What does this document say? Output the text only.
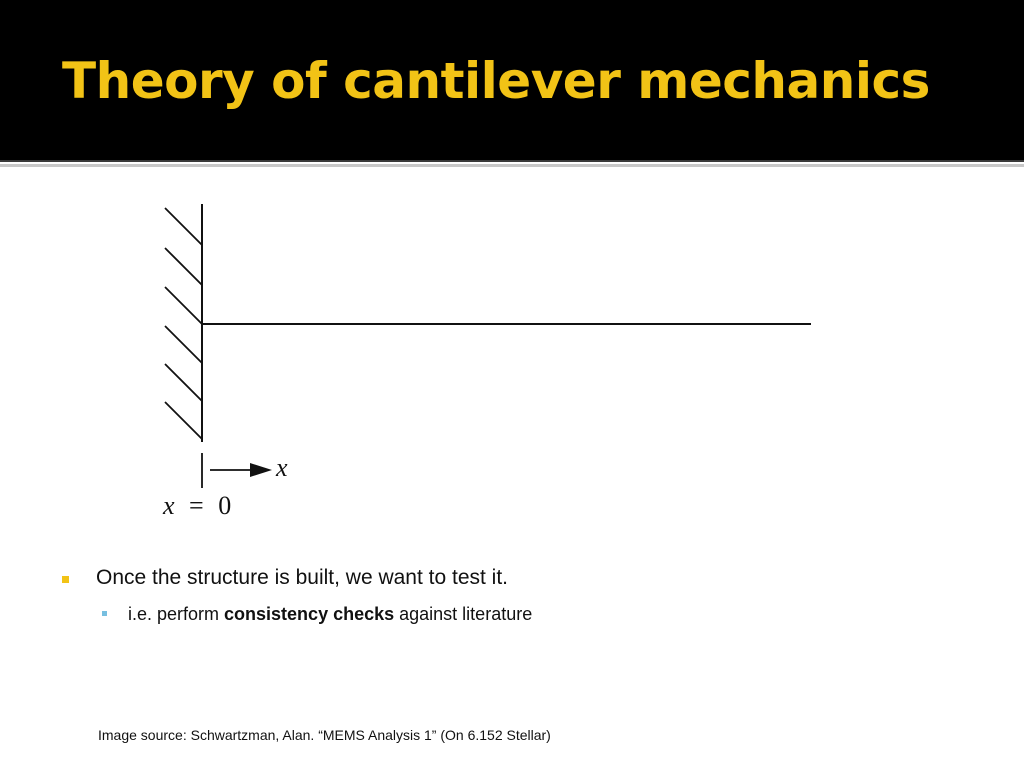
Theory of cantilever mechanics
x
x = 0
Once the structure is built, we want to test it.
i.e. perform consistency checks against literature
Image source: Schwartzman, Alan. “MEMS Analysis 1” (On 6.152 Stellar)
